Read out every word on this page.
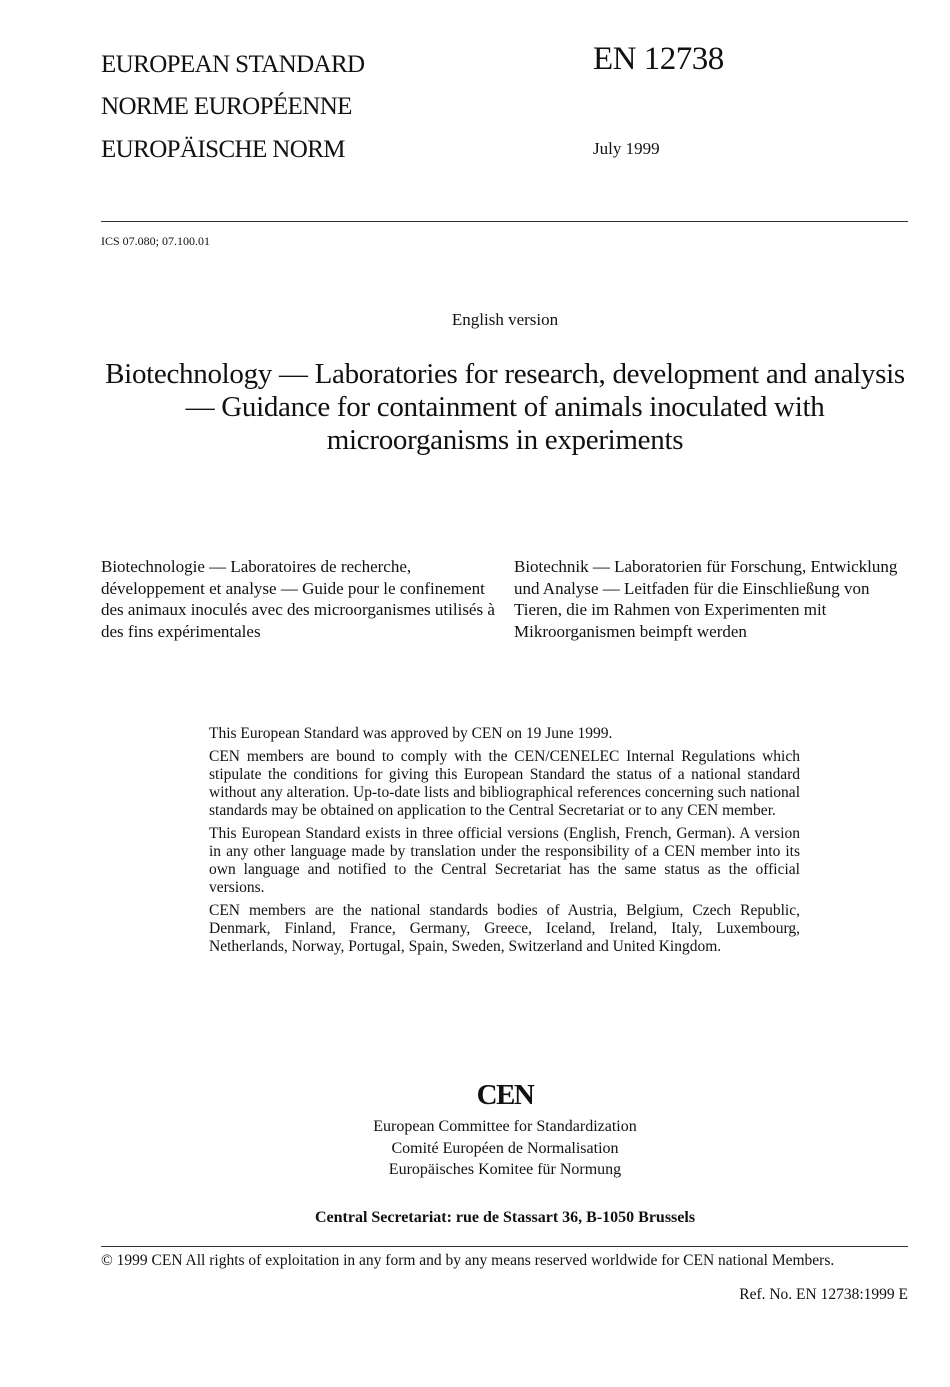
EUROPEAN STANDARD
NORME EUROPÉENNE
EUROPÄISCHE NORM
EN 12738
July 1999
ICS 07.080; 07.100.01
English version
Biotechnology — Laboratories for research, development and analysis — Guidance for containment of animals inoculated with microorganisms in experiments
Biotechnologie — Laboratoires de recherche, développement et analyse — Guide pour le confinement des animaux inoculés avec des microorganismes utilisés à des fins expérimentales
Biotechnik — Laboratorien für Forschung, Entwicklung und Analyse — Leitfaden für die Einschließung von Tieren, die im Rahmen von Experimenten mit Mikroorganismen beimpft werden

This European Standard was approved by CEN on 19 June 1999.

CEN members are bound to comply with the CEN/CENELEC Internal Regulations which stipulate the conditions for giving this European Standard the status of a national standard without any alteration. Up-to-date lists and bibliographical references concerning such national standards may be obtained on application to the Central Secretariat or to any CEN member.

This European Standard exists in three official versions (English, French, German). A version in any other language made by translation under the responsibility of a CEN member into its own language and notified to the Central Secretariat has the same status as the official versions.

CEN members are the national standards bodies of Austria, Belgium, Czech Republic, Denmark, Finland, France, Germany, Greece, Iceland, Ireland, Italy, Luxembourg, Netherlands, Norway, Portugal, Spain, Sweden, Switzerland and United Kingdom.

CEN
European Committee for Standardization
Comité Européen de Normalisation
Europäisches Komitee für Normung
Central Secretariat: rue de Stassart 36, B-1050 Brussels
© 1999 CEN All rights of exploitation in any form and by any means reserved worldwide for CEN national Members.
Ref. No. EN 12738:1999 E
